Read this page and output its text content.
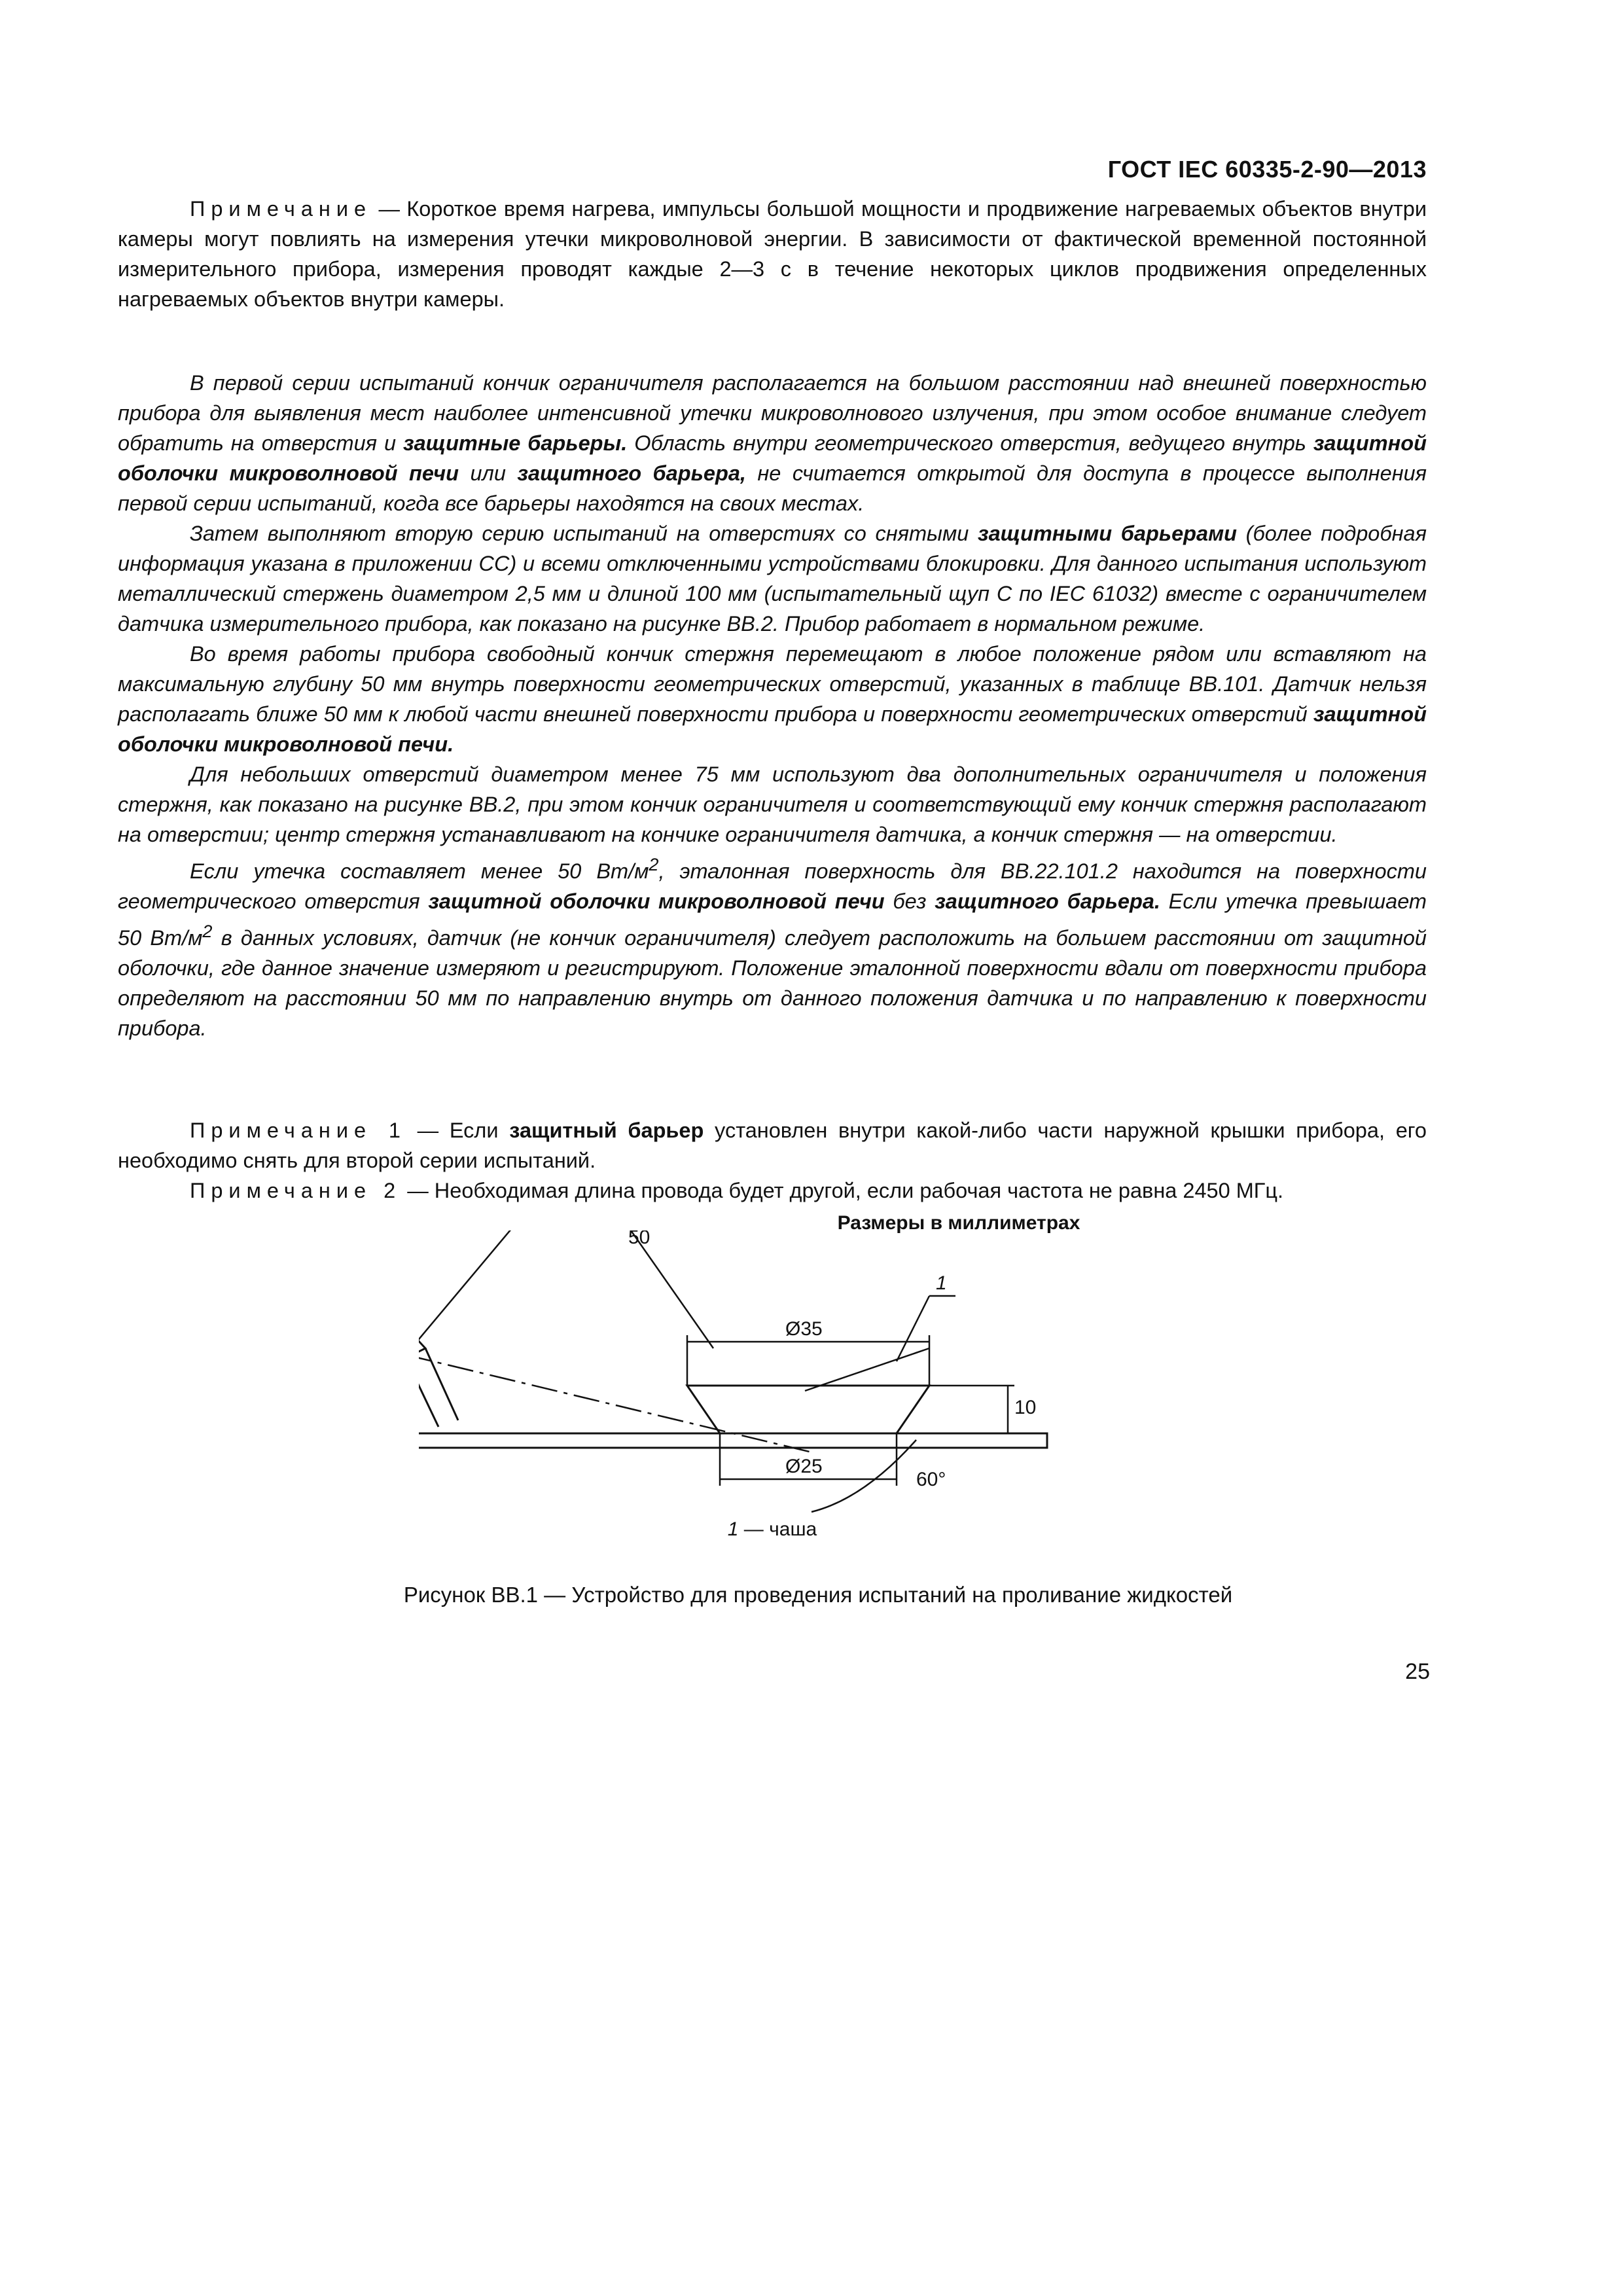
ГОСТ IEC 60335-2-90—2013

Примечание — Короткое время нагрева, импульсы большой мощности и продвижение нагреваемых объектов внутри камеры могут повлиять на измерения утечки микроволновой энергии. В зависимости от фактической временной постоянной измерительного прибора, измерения проводят каждые 2—3 с в течение некоторых циклов продвижения определенных нагреваемых объектов внутри камеры.

В первой серии испытаний кончик ограничителя располагается на большом расстоянии над внешней поверхностью прибора для выявления мест наиболее интенсивной утечки микроволнового излучения, при этом особое внимание следует обратить на отверстия и защитные барьеры. Область внутри геометрического отверстия, ведущего внутрь защитной оболочки микроволновой печи или защитного барьера, не считается открытой для доступа в процессе выполнения первой серии испытаний, когда все барьеры находятся на своих местах.

Затем выполняют вторую серию испытаний на отверстиях со снятыми защитными барьерами (более подробная информация указана в приложении CC) и всеми отключенными устройствами блокировки. Для данного испытания используют металлический стержень диаметром 2,5 мм и длиной 100 мм (испытательный щуп C по IEC 61032) вместе с ограничителем датчика измерительного прибора, как показано на рисунке BB.2. Прибор работает в нормальном режиме.

Во время работы прибора свободный кончик стержня перемещают в любое положение рядом или вставляют на максимальную глубину 50 мм внутрь поверхности геометрических отверстий, указанных в таблице BB.101. Датчик нельзя располагать ближе 50 мм к любой части внешней поверхности прибора и поверхности геометрических отверстий защитной оболочки микроволновой печи.

Для небольших отверстий диаметром менее 75 мм используют два дополнительных ограничителя и положения стержня, как показано на рисунке BB.2, при этом кончик ограничителя и соответствующий ему кончик стержня располагают на отверстии; центр стержня устанавливают на кончике ограничителя датчика, а кончик стержня — на отверстии.

Если утечка составляет менее 50 $Вт/м^2$, эталонная поверхность для BB.22.101.2 находится на поверхности геометрического отверстия защитной оболочки микроволновой печи без защитного барьера. Если утечка превышает 50 $Вт/м^2$ в данных условиях, датчик (не кончик ограничителя) следует расположить на большем расстоянии от защитной оболочки, где данное значение измеряют и регистрируют. Положение эталонной поверхности вдали от поверхности прибора определяют на расстоянии 50 мм по направлению внутрь от данного положения датчика и по направлению к поверхности прибора.

Примечание 1 — Если защитный барьер установлен внутри какой-либо части наружной крышки прибора, его необходимо снять для второй серии испытаний.

Примечание 2 — Необходимая длина провода будет другой, если рабочая частота не равна 2450 МГц.

Размеры в миллиметрах
50
Ø35
10
Ø25
60°
1
1 — чаша
Рисунок BB.1 — Устройство для проведения испытаний на проливание жидкостей
25
